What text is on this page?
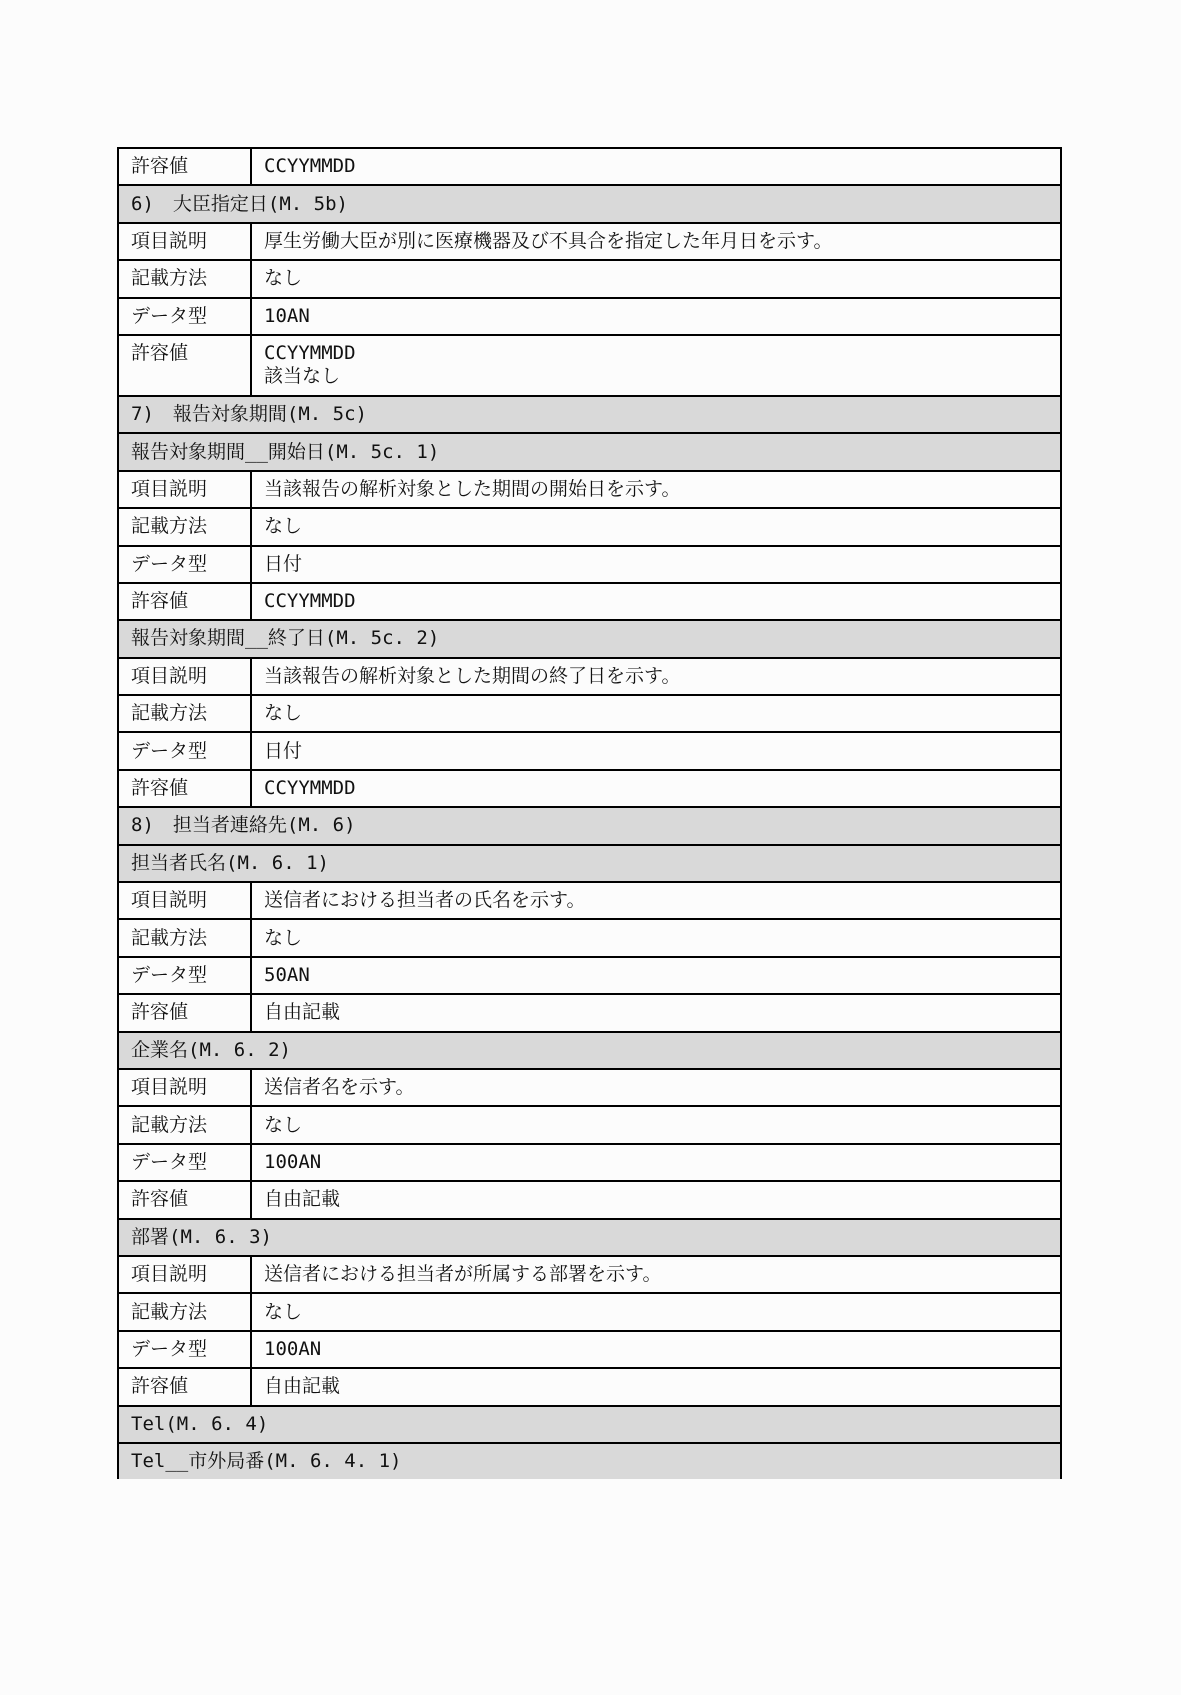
許容値	CCYYMMDD

6)　大臣指定日(M. 5b)	
項目説明	厚生労働大臣が別に医療機器及び不具合を指定した年月日を示す。

記載方法	なし

データ型	10AN

許容値	CCYYMMDD
該当なし

7)　報告対象期間(M. 5c)	
報告対象期間__開始日(M. 5c. 1)	
項目説明	当該報告の解析対象とした期間の開始日を示す。

記載方法	なし

データ型	日付

許容値	CCYYMMDD

報告対象期間__終了日(M. 5c. 2)	
項目説明	当該報告の解析対象とした期間の終了日を示す。

記載方法	なし

データ型	日付

許容値	CCYYMMDD

8)　担当者連絡先(M. 6)	
担当者氏名(M. 6. 1)	
項目説明	送信者における担当者の氏名を示す。

記載方法	なし

データ型	50AN

許容値	自由記載

企業名(M. 6. 2)	
項目説明	送信者名を示す。

記載方法	なし

データ型	100AN

許容値	自由記載

部署(M. 6. 3)	
項目説明	送信者における担当者が所属する部署を示す。

記載方法	なし

データ型	100AN

許容値	自由記載

Tel(M. 6. 4)	
Tel__市外局番(M. 6. 4. 1)	
